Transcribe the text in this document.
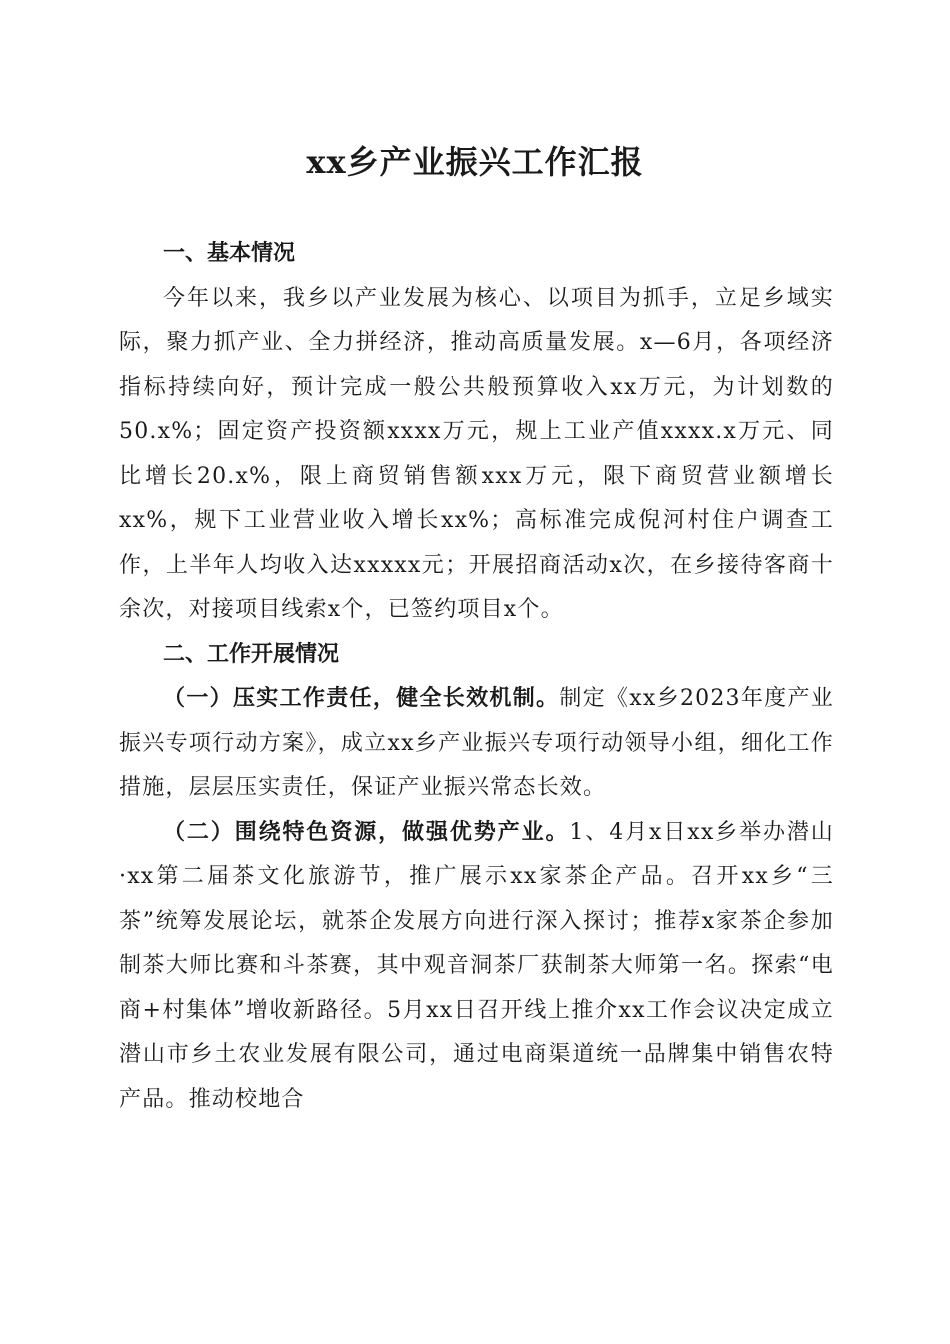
xx乡产业振兴工作汇报

一、基本情况

今年以来，我乡以产业发展为核心、以项目为抓手，立足乡域实际，聚力抓产业、全力拼经济，推动高质量发展。x—6月，各项经济指标持续向好，预计完成一般公共般预算收入xx万元，为计划数的50.x%；固定资产投资额xxxx万元，规上工业产值xxxx.x万元、同比增长20.x%，限上商贸销售额xxx万元，限下商贸营业额增长xx%，规下工业营业收入增长xx%；高标准完成倪河村住户调查工作，上半年人均收入达xxxxx元；开展招商活动x次，在乡接待客商十余次，对接项目线索x个，已签约项目x个。

二、工作开展情况

（一）压实工作责任，健全长效机制。制定《xx乡2023年度产业振兴专项行动方案》，成立xx乡产业振兴专项行动领导小组，细化工作措施，层层压实责任，保证产业振兴常态长效。

（二）围绕特色资源，做强优势产业。1、4月x日xx乡举办潜山·xx第二届茶文化旅游节，推广展示xx家茶企产品。召开xx乡“三茶”统筹发展论坛，就茶企发展方向进行深入探讨；推荐x家茶企参加制茶大师比赛和斗茶赛，其中观音洞茶厂获制茶大师第一名。探索“电商+村集体”增收新路径。5月xx日召开线上推介xx工作会议决定成立潜山市乡土农业发展有限公司，通过电商渠道统一品牌集中销售农特产品。推动校地合
